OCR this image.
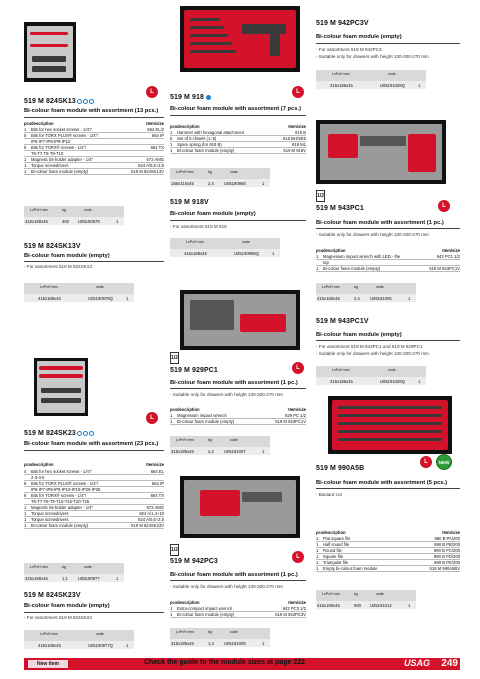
L
519 M 824SK13
Bi-colour foam module with assortment (13 pcs.)
pcs description	Item/size
1 Bits for hex socket screws - 1/4"/	664 EL/2
5 Bits for TORX PLUS® screws - 1/4"/	664 IP
IP6-IP7-IP8-IP9-IP10
5 Bits for TORX® screws - 1/4"/	664 TX
T6-T7-T8-T9-T10
1 Magnetic bit-holder adapter - 1/4"	672 AMG
1 Torque screwdrivers	824 A/0,5÷2,5
1 Bi-colour foam module (empty)	519 M 824SK13V
LxPxH mm	kg	code
415x188x45	400 U05190978	1
519 M 824SK13V
Bi-colour foam module (empty)
- For assortment 519 M 824SK13
LxPxH mm	code
415x188x45	U05190976Q	1
L
519 M 824SK23
Bi-colour foam module with assortment (23 pcs.)
pcs description	Item/size
4 Bits for hex socket screws - 1/4"/	664 EL
2-3-4-5
8 Bits for TORX PLUS® screws - 1/4"/	664 IP
IP6-IP7-IP8-IP9-IP10-IP15-IP20-IP25
8 Bits for TORX® screws - 1/4"/	664 TX
T6-T7-T8-T9-T10-T15-T20-T25
1 Magnetic bit-holder adapter - 1/4"	672 AMG
1 Torque screwdrivers	824 A/1,4÷10
1 Torque screwdrivers	824 A/0,5÷2,5
1 Bi-colour foam module (empty)	519 M 824SK23V
LxPxH mm	kg	code
415x188x45	1,1 U05190977	1
519 M 824SK23V
Bi-colour foam module (empty)
- For assortment 519 M 824SK23
LxPxH mm	code
415x188x45	U05190977Q	1
L
519 M 918
Bi-colour foam module with assortment (7 pcs.)
pcs description	Item/size
1 Hammer with hexagonal attachment	918 B
5 Set of 5 chisels (1÷5)	918 BH/SE5
1 Spare spring (for 918 B)	918 M1
1 Bi-colour foam module (empty)	519 M 918V
LxPxH mm	kg	code
188x415x45	2,4 U05190968	1
519 M 918V
Bi-colour foam module (empty)
- For assortment 519 M 918
LxPxH mm	code
415x188x45	U05190968Q	1
1/2
L
519 M 929PC1
Bi-colour foam module with assortment (1 pc.)
- Suitable only for drawers with height 130-200-270 mm
pcs description	Item/size
1 Magnesium impact wrench	929 PC 1/2
1 Bi-colour foam module (empty)	519 M 943PC1V
LxPxH mm	kg	code
415x188x45	2,2 U05191007	1
1/2
L
519 M 942PC3
Bi-colour foam module with assortment (1 pc.)
- Suitable only for drawers with height 130-200-270 mm
pcs description	Item/size
1 Extra-compact impact wrench	942 PC3 1/2
1 Bi-colour foam module (empty)	519 M 942PC3V
LxPxH mm	kg	code
415x188x45	1,4 U05191008	1
519 M 942PC3V
Bi-colour foam module (empty)
- For assortment 519 M 942PC3
- Suitable only for drawers with height 130-200-270 mm
LxPxH mm	code
415x188x45	U05191008Q	1
1/2
L
519 M 943PC1
Bi-colour foam module with assortment (1 pc.)
- Suitable only for drawers with height 130-200-270 mm
pcs description	Item/size
1 Magnesium impact wrench with LED - the	943 PC1 1/2
top
1 Bi-colour foam module (empty)	519 M 943PC1V
LxPxH mm	kg	code
415x188x45	2,4 U05191006	1
519 M 943PC1V
Bi-colour foam module (empty)
- For assortment 519 M 943PC1 and 519 M 929PC1
- Suitable only for drawers with height 130-200-270 mm
LxPxH mm	code
415x188x45	U05191006Q	1
L	NEW
519 M 990A5B
Bi-colour foam module with assortment (5 pcs.)
- Basiard cut
pcs description	Item/size
1 Flat square file	990 B PA/200
1 Half-round file	990 B PB/200
1 Round file	990 B PC/200
1 Square file	990 B PD/200
1 Triangular file	990 B PE/200
1 Empty bi-colour foam module	519 M 990A5BV
LxPxH mm	kg	code
415x188x45	900 U05191012	1
New item	Check the guide to the module sizes at page 222	USAG 249
